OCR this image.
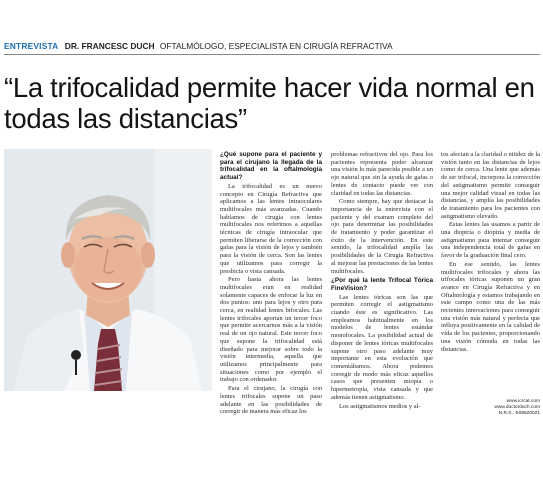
ENTREVISTA DR. FRANCESC DUCH OFTALMÓLOGO, ESPECIALISTA EN CIRUGÍA REFRACTIVA
“La trifocalidad permite hacer vida normal en todas las distancias”

¿Qué supone para el paciente y para el cirujano la llegada de la trifocalidad en la oftalmología actual?

La trifocalidad es un nuevo concepto en Cirugía Refractiva que aplicamos a las lentes intraoculares multifocales más avanzadas. Cuando hablamos de cirugía con lentes multifocales nos referimos a aquellas técnicas de cirugía intraocular que permiten liberarse de la corrección con gafas para la visión de lejos y también para la visión de cerca. Son las lentes que utilizamos para corregir la presbicia o vista cansada.

Pero hasta ahora las lentes multifocales eran en realidad solamente capaces de enfocar la luz en dos puntos: uno para lejos y otro para cerca, en realidad lentes bifocales. Las lentes trifocales aportan un tercer foco que permite acercarnos más a la visión real de un ojo natural. Este tercer foco que supone la trifocalidad está diseñado para mejorar sobre todo la visión intermedia, aquella que utilizamos principalmente para situaciones como por ejemplo el trabajo con ordenador.

Para el cirujano, la cirugía con lentes trifocales supone un paso adelante en las posibilidades de corregir de manera más eficaz los

problemas refractivos del ojo. Para los pacientes representa poder alcanzar una visión lo más parecida posible a un ojo natural que sin la ayuda de gafas o lentes de contacto puede ver con claridad en todas las distancias.

Como siempre, hay que destacar la importancia de la entrevista con el paciente y del examen completo del ojo para determinar las posibilidades de tratamiento y poder garantizar el éxito de la intervención. En este sentido, la trifocalidad amplía las posibilidades de la Cirugía Refractiva al mejorar las prestaciones de las lentes multifocales.

¿Por qué la lente Trifocal Tórica FineVision?

Las lentes tóricas son las que permiten corregir el astigmatismo cuando éste es significativo. Las empleamos habitualmente en los modelos de lentes estándar monofocales. La posibilidad actual de disponer de lentes tóricas multifocales supone otro paso adelante muy importante en esta evolución que comentábamos. Ahora podemos corregir de modo más eficaz aquellos casos que presenten miopía o hipermetropía, vista cansada y que además tienen astigmatismo.

Los astigmatismos medios y al-

tos afectan a la claridad o nitidez de la visión tanto en las distancias de lejos como de cerca. Una lente que además de ser trifocal, incorpora la corrección del astigmatismo permite conseguir una mejor calidad visual en todas las distancias, y amplía las posibilidades de tratamiento para los pacientes con astigmatismo elevado.

Estas lentes las usamos a partir de una dioptría o dioptría y media de astigmatismo para intentar conseguir una independencia total de gafas en favor de la graduación final cero.

En ese sentido, las lentes multifocales trifocales y ahora las trifocales tóricas suponen un gran avance en Cirugía Refractiva y en Oftalmología y estamos trabajando en este campo como una de las más recientes innovaciones para conseguir una visión más natural y perfecta que influya positivamente en la calidad de vida de los pacientes, proporcionando una visión cómoda en todas las distancias.

www.icrcat.com
www.doctorduch.com
N.R.S.: E08620021
